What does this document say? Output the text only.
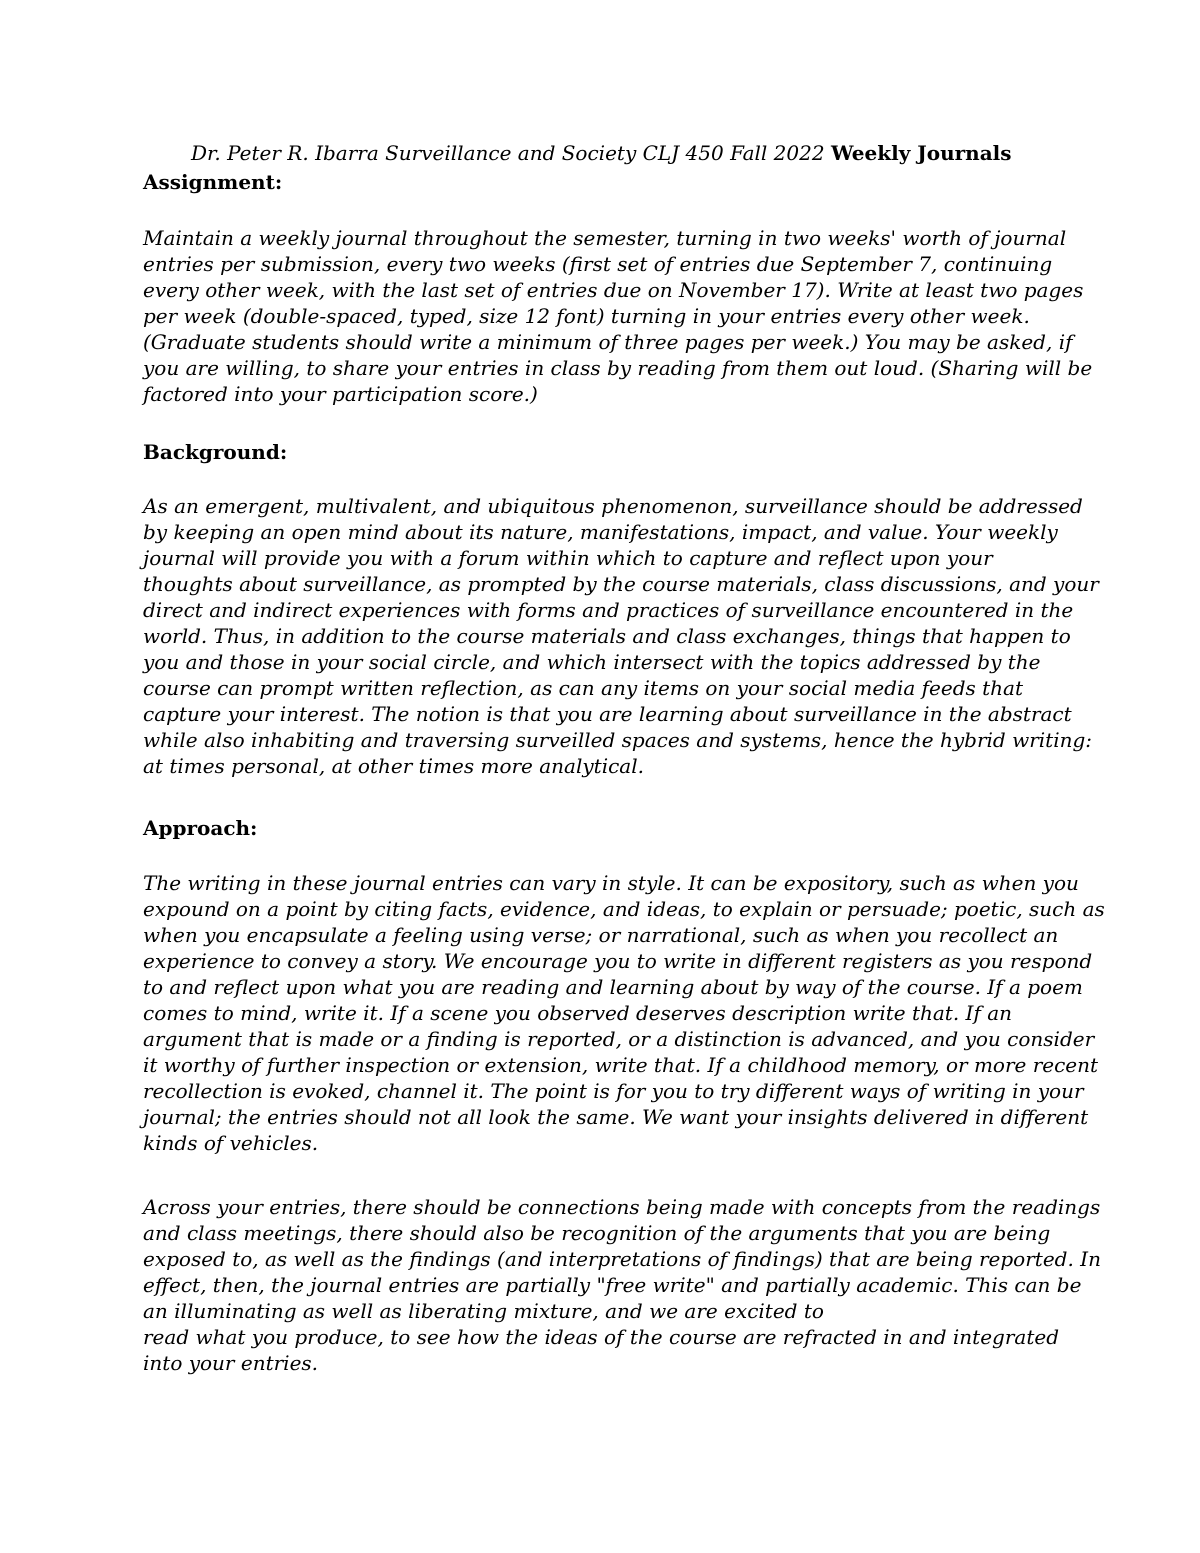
Dr. Peter R. Ibarra Surveillance and Society CLJ 450 Fall 2022 Weekly Journals
Assignment:
Maintain a weekly journal throughout the semester, turning in two weeks' worth of journal
entries per submission, every two weeks (first set of entries due September 7, continuing
every other week, with the last set of entries due on November 17). Write at least two pages
per week (double-spaced, typed, size 12 font) turning in your entries every other week.
(Graduate students should write a minimum of three pages per week.) You may be asked, if
you are willing, to share your entries in class by reading from them out loud. (Sharing will be
factored into your participation score.)
Background:
As an emergent, multivalent, and ubiquitous phenomenon, surveillance should be addressed
by keeping an open mind about its nature, manifestations, impact, and value. Your weekly
journal will provide you with a forum within which to capture and reflect upon your
thoughts about surveillance, as prompted by the course materials, class discussions, and your
direct and indirect experiences with forms and practices of surveillance encountered in the
world. Thus, in addition to the course materials and class exchanges, things that happen to
you and those in your social circle, and which intersect with the topics addressed by the
course can prompt written reflection, as can any items on your social media feeds that
capture your interest. The notion is that you are learning about surveillance in the abstract
while also inhabiting and traversing surveilled spaces and systems, hence the hybrid writing:
at times personal, at other times more analytical.
Approach:
The writing in these journal entries can vary in style. It can be expository, such as when you
expound on a point by citing facts, evidence, and ideas, to explain or persuade; poetic, such as
when you encapsulate a feeling using verse; or narrational, such as when you recollect an
experience to convey a story. We encourage you to write in different registers as you respond
to and reflect upon what you are reading and learning about by way of the course. If a poem
comes to mind, write it. If a scene you observed deserves description write that. If an
argument that is made or a finding is reported, or a distinction is advanced, and you consider
it worthy of further inspection or extension, write that. If a childhood memory, or more recent
recollection is evoked, channel it. The point is for you to try different ways of writing in your
journal; the entries should not all look the same. We want your insights delivered in different
kinds of vehicles.
Across your entries, there should be connections being made with concepts from the readings
and class meetings, there should also be recognition of the arguments that you are being
exposed to, as well as the findings (and interpretations of findings) that are being reported. In
effect, then, the journal entries are partially "free write" and partially academic. This can be
an illuminating as well as liberating mixture, and we are excited to
read what you produce, to see how the ideas of the course are refracted in and integrated
into your entries.
